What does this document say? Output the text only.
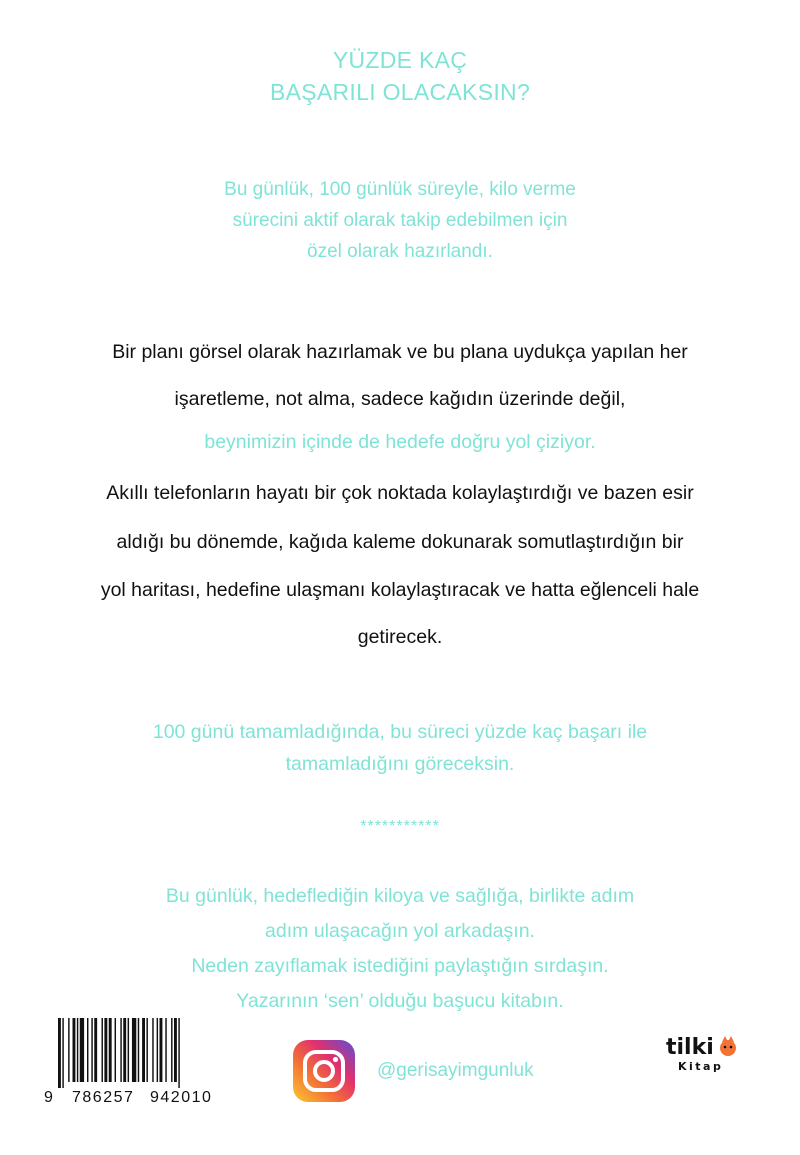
YÜZDE KAÇ
BAŞARILI OLACAKSIN?
Bu günlük, 100 günlük süreyle, kilo verme
sürecini aktif olarak takip edebilmen için
özel olarak hazırlandı.
Bir planı görsel olarak hazırlamak ve bu plana uydukça yapılan her
işaretleme, not alma, sadece kağıdın üzerinde değil,
beynimizin içinde de hedefe doğru yol çiziyor.
Akıllı telefonların hayatı bir çok noktada kolaylaştırdığı ve bazen esir
aldığı bu dönemde, kağıda kaleme dokunarak somutlaştırdığın bir
yol haritası, hedefine ulaşmanı kolaylaştıracak ve hatta eğlenceli hale
getirecek.
100 günü tamamladığında, bu süreci yüzde kaç başarı ile
tamamladığını göreceksin.
***********
Bu günlük, hedeflediğin kiloya ve sağlığa, birlikte adım
adım ulaşacağın yol arkadaşın.
Neden zayıflamak istediğini paylaştığın sırdaşın.
Yazarının ‘sen’ olduğu başucu kitabın.
9 786257 942010
@gerisayimgunluk
tilki
Kitap
